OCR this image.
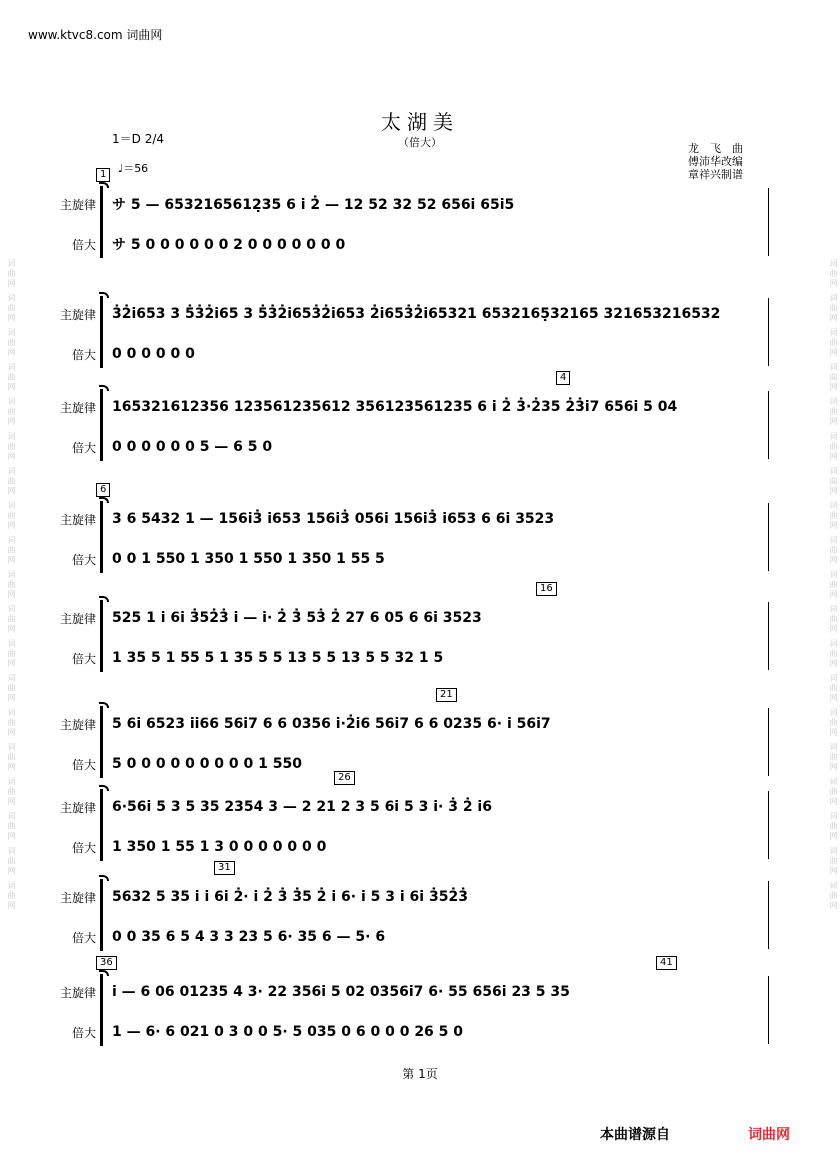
词曲网 词曲网 词曲网 词曲网 词曲网 词曲网 词曲网 词曲网 词曲网 词曲网 词曲网 词曲网 词曲网 词曲网 词曲网 词曲网 词曲网 词曲网 词曲网	词曲网 词曲网 词曲网 词曲网 词曲网 词曲网 词曲网 词曲网 词曲网 词曲网 词曲网 词曲网 词曲网 词曲网 词曲网 词曲网 词曲网 词曲网 词曲网
www.ktvc8.com 词曲网
太湖美
（倍大）	龙　飞　曲
傅沛华改编
章祥兴制谱
1＝D 2/4
♩＝56
主旋律 サ 5 — 6532165612̣35 6 i 2̇ — 12 52 32 52 656i 65i5
倍大 サ 5 0 0 0 0 0 0 2 0 0 0 0 0 0 0
1
主旋律 3̇2̇i653 3 5̇3̇2̇i65 3 5̇3̇2̇i653̇2̇i653 2̇i653̇2̇i65321 6532165̣32165 321653216532
倍大 0 0 0 0 0 0
主旋律 165321612356 123561235612 356123561235 6 i 2̇ 3̇·2̇35 2̇3̇i7 656i 5 04
倍大 0 0 0 0 0 0 5 — 6 5 0
4
主旋律 3 6 5432 1 — 156i3̇ i653 156i3̇ 056i 156i3̇ i653 6 6i 3523
倍大 0 0 1 550 1 350 1 550 1 350 1 55 5
6
主旋律 525 1 i 6i 3̇52̇3̇ i — i· 2̇ 3̇ 53̇ 2̇ 27 6 05 6 6i 3523
倍大 1 35 5 1 55 5 1 35 5 5 13 5 5 13 5 5 32 1 5
16
主旋律 5 6i 6523 ii66 56i7 6 6 0356 i·2̇i6 56i7 6 6 0235 6· i 56i7
倍大 5 0 0 0 0 0 0 0 0 0 1 550
21
主旋律 6·56i 5 3 5 35 2354 3 — 2 21 2 3 5 6i 5 3 i· 3̇ 2̇ i6
倍大 1 350 1 55 1 3 0 0 0 0 0 0 0
26
主旋律 5632 5 35 i i 6i 2̇· i 2̇ 3̇ 3̇5 2̇ i 6· i 5 3 i 6i 3̇52̇3̇
倍大 0 0 35 6 5 4 3 3 23 5 6· 35 6 — 5· 6
31
主旋律 i — 6 06 01235 4 3· 22 356i 5 02 0356i7 6· 55 656i 23 5 35
倍大 1 — 6· 6 021 0 3 0 0 5· 5 035 0 6 0 0 0 26 5 0
36	41
第 1页
本曲谱源自	词曲网
